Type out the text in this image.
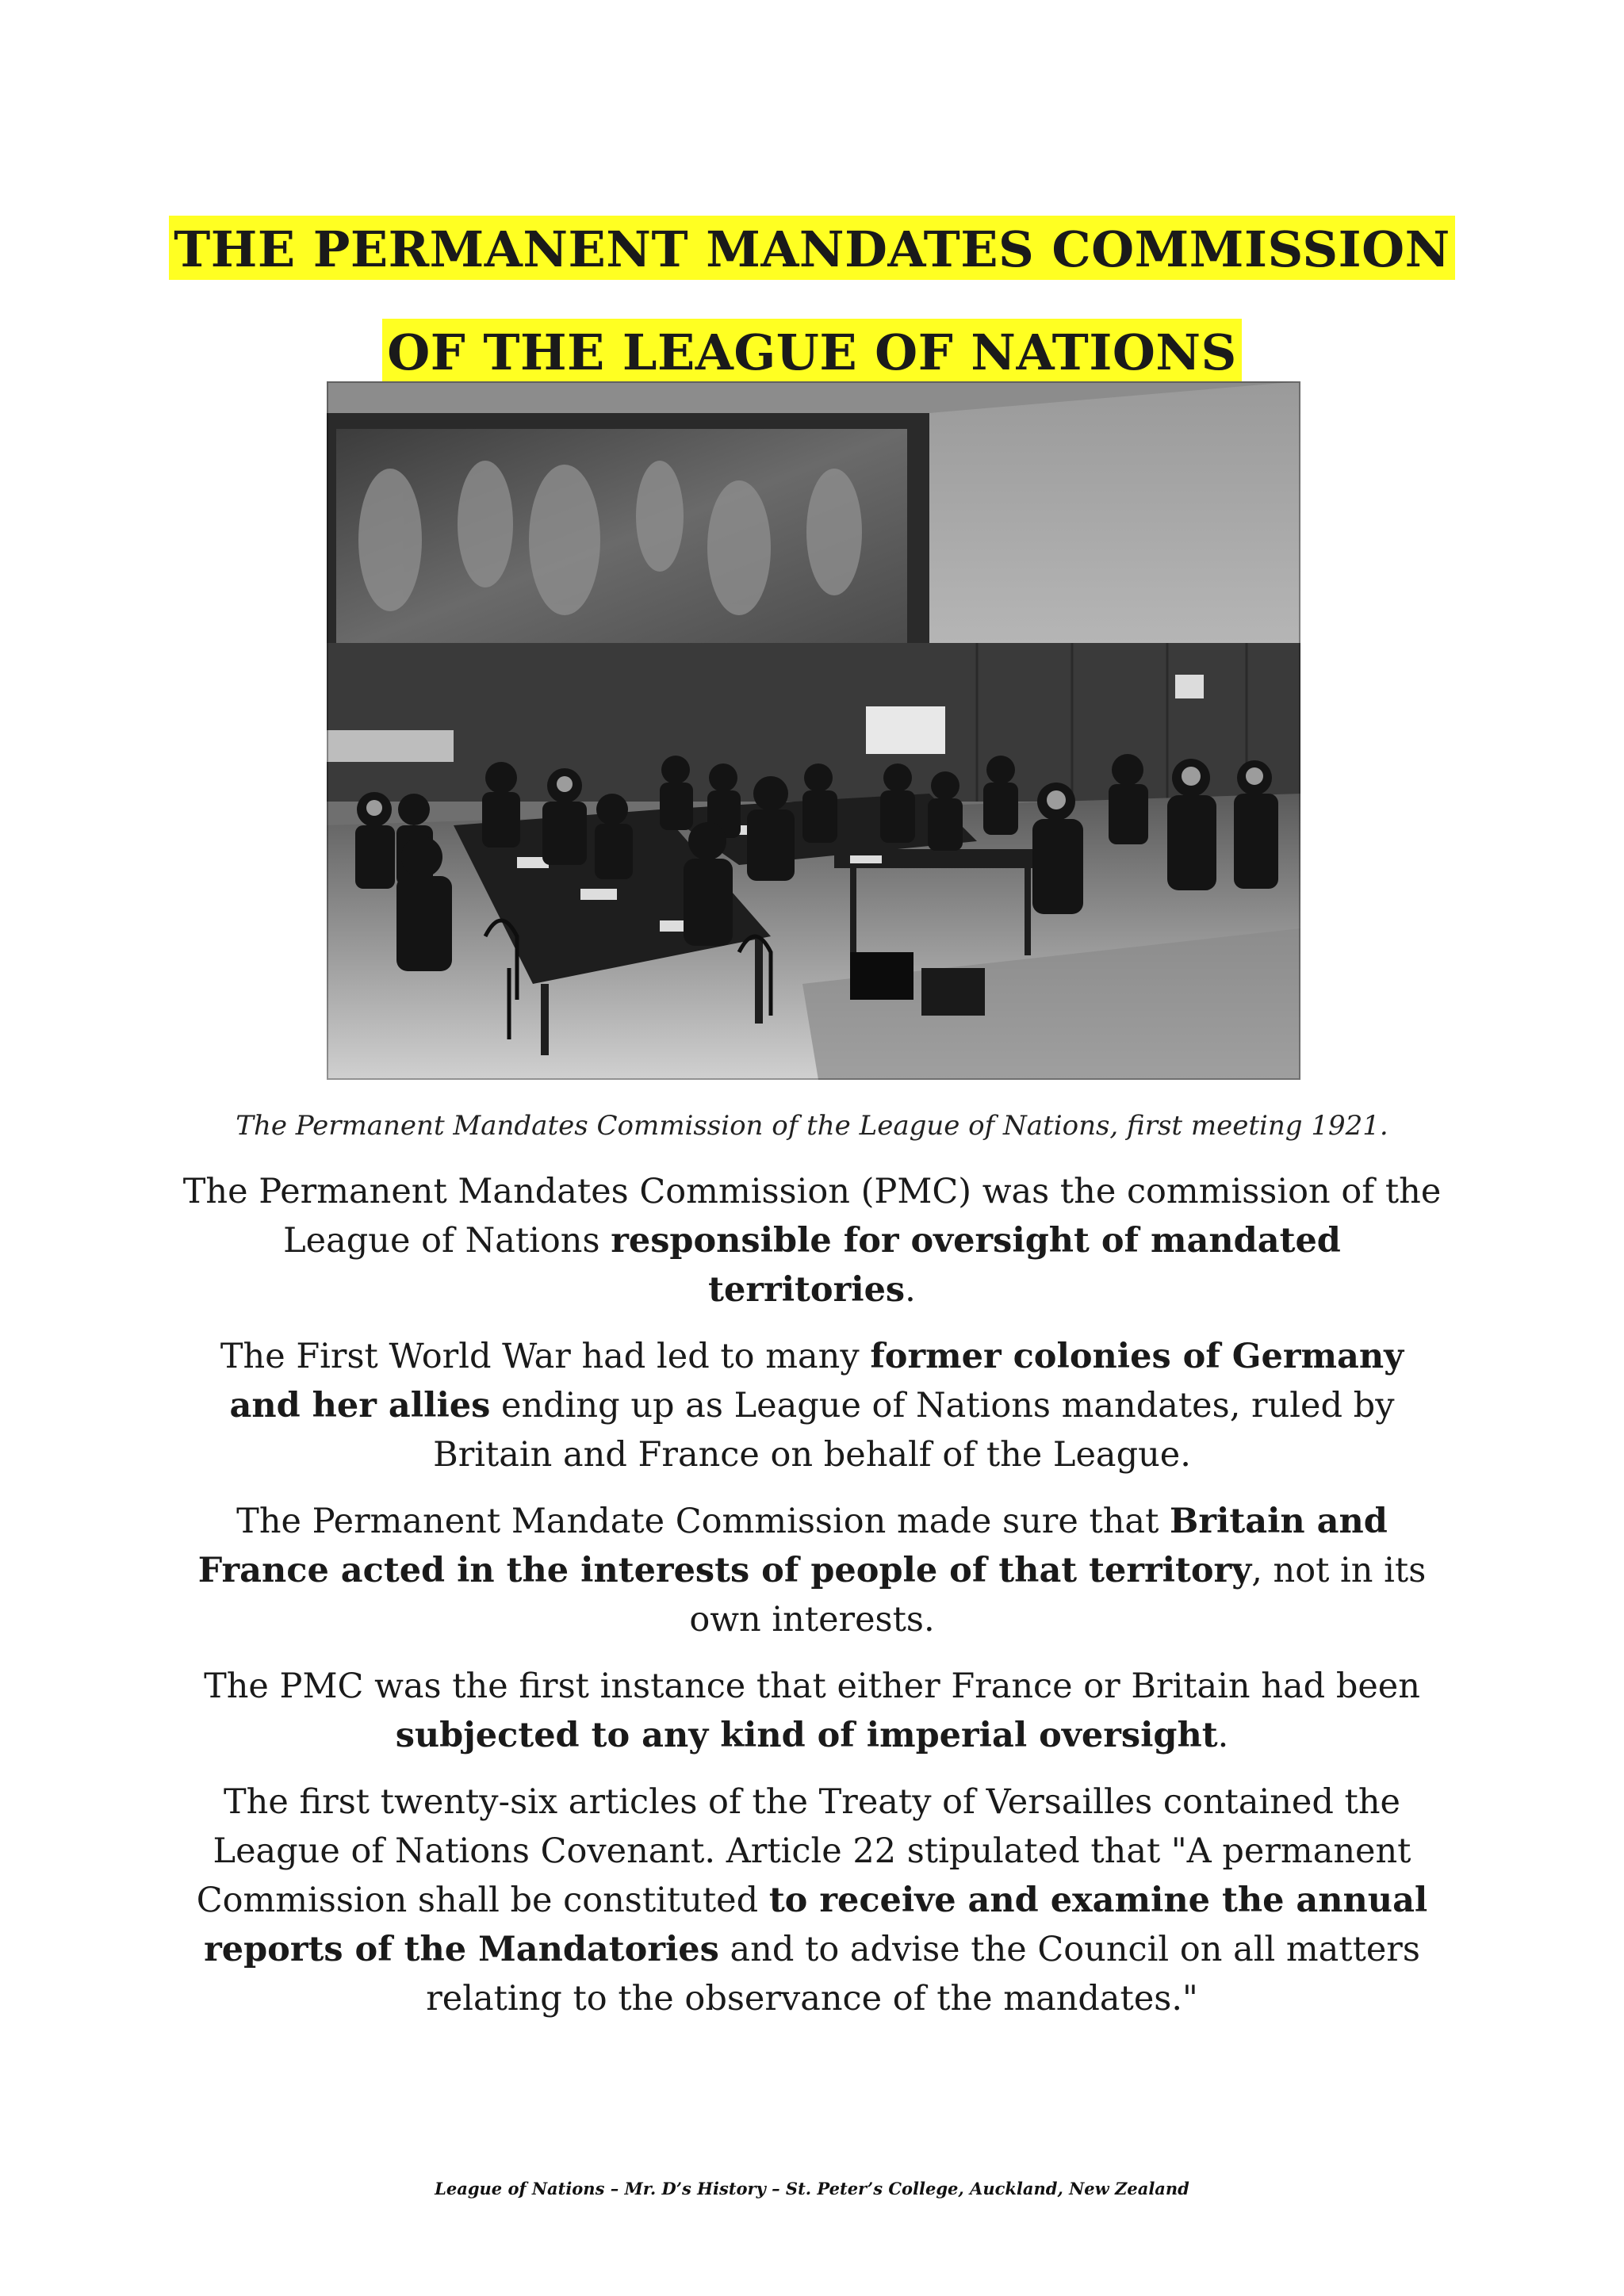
THE PERMANENT MANDATES COMMISSION
OF THE LEAGUE OF NATIONS
The Permanent Mandates Commission of the League of Nations, first meeting 1921.

The Permanent Mandates Commission (PMC) was the commission of the League of Nations responsible for oversight of mandated territories.

The First World War had led to many former colonies of Germany and her allies ending up as League of Nations mandates, ruled by Britain and France on behalf of the League.

The Permanent Mandate Commission made sure that Britain and France acted in the interests of people of that territory, not in its own interests.

The PMC was the first instance that either France or Britain had been subjected to any kind of imperial oversight.

The first twenty-six articles of the Treaty of Versailles contained the League of Nations Covenant. Article 22 stipulated that "A permanent Commission shall be constituted to receive and examine the annual reports of the Mandatories and to advise the Council on all matters relating to the observance of the mandates."

League of Nations – Mr. D’s History – St. Peter’s College, Auckland, New Zealand
